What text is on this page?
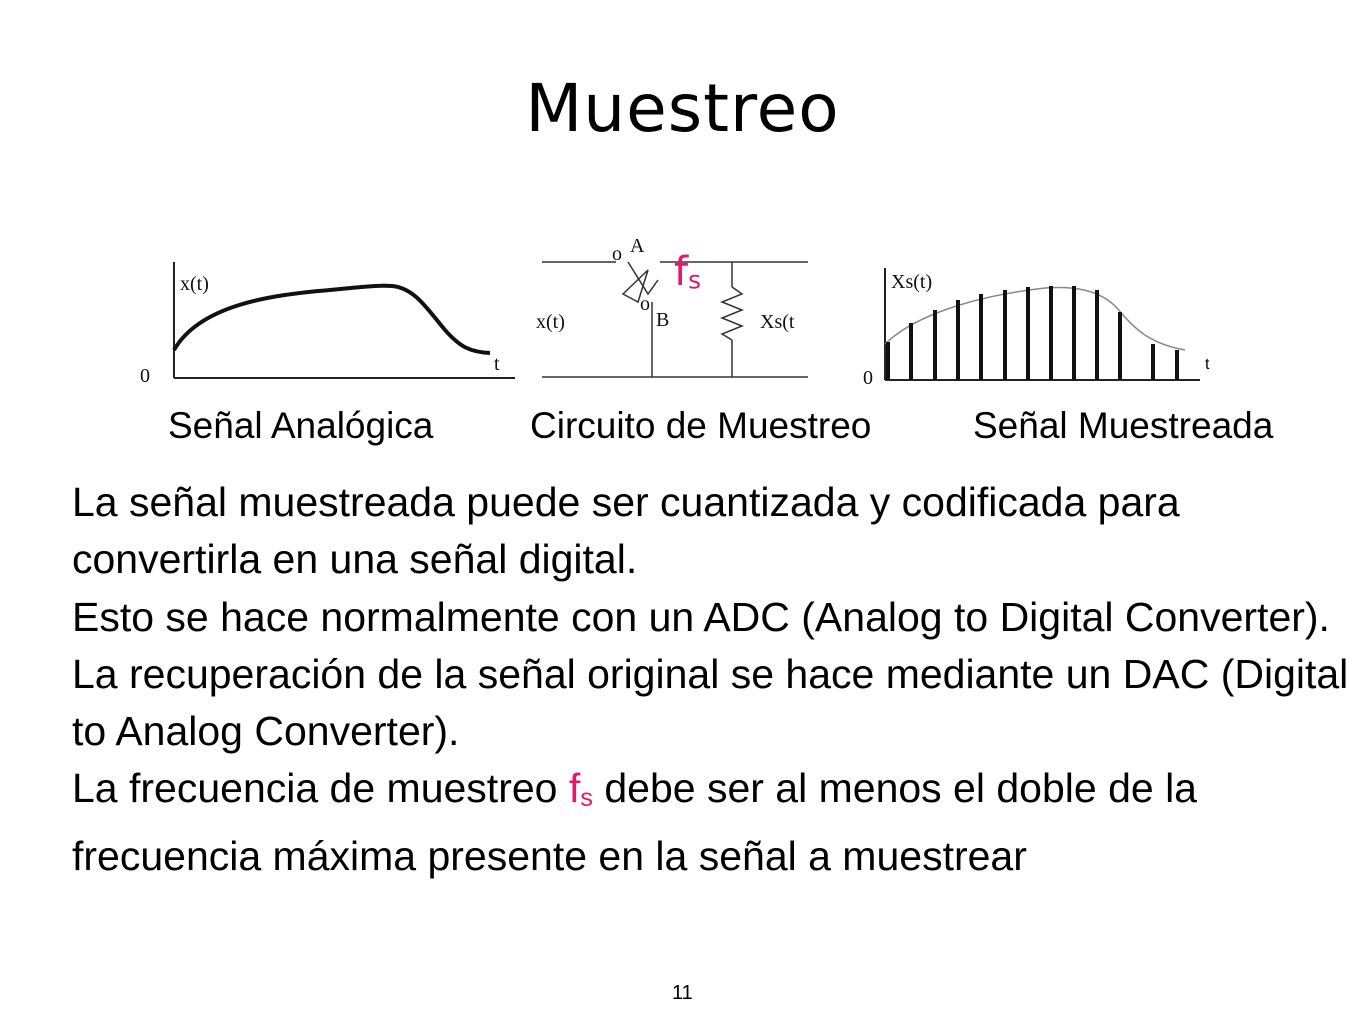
Muestreo
x(t)
0
t
o
o
A
B
x(t)	Xs(t
Xs(t)
0
$f_s$
t
Señal Analógica	Circuito de Muestreo	Señal Muestreada

La señal muestreada puede ser cuantizada y codificada para convertirla en una señal digital.

Esto se hace normalmente con un ADC (Analog to Digital Converter).

La recuperación de la señal original se hace mediante un DAC (Digital to Analog Converter).

La frecuencia de muestreo $f_s$ debe ser al menos el doble de la frecuencia máxima presente en la señal a muestrear

11
